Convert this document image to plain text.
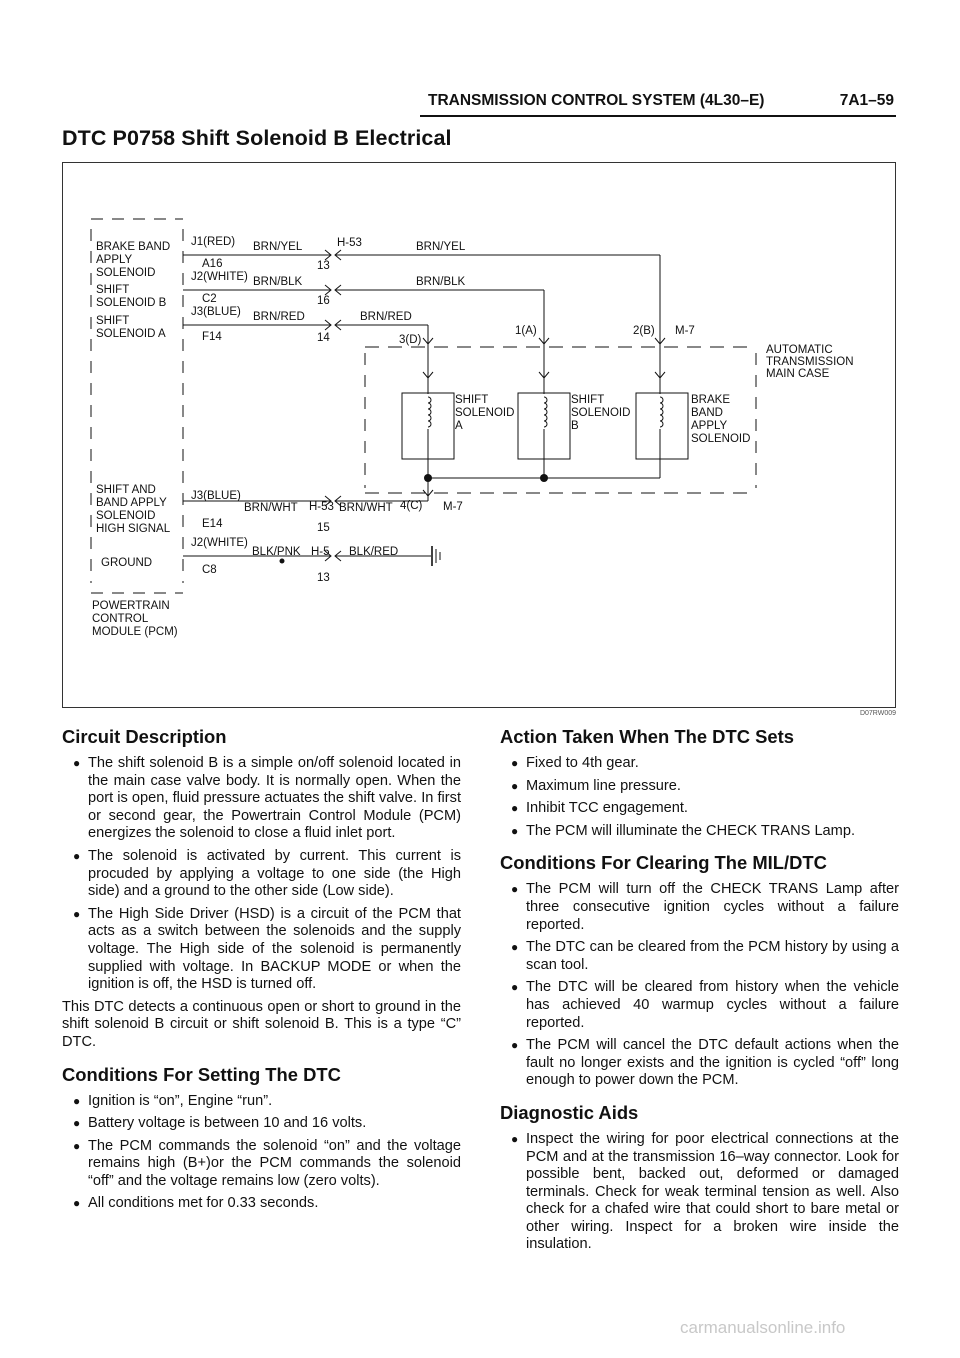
TRANSMISSION CONTROL SYSTEM (4L30–E)	7A1–59
DTC P0758 Shift Solenoid B Electrical
BRAKE BAND APPLY SOLENOID
SHIFT SOLENOID B
SHIFT SOLENOID A
SHIFT AND BAND APPLY SOLENOID HIGH SIGNAL
GROUND
POWERTRAIN CONTROL MODULE (PCM)
J1(RED)
A16
J2(WHITE)
C2
J3(BLUE)
F14
J3(BLUE)
E14
J2(WHITE)
C8
BRN/YEL	BRN/YEL
BRN/BLK	BRN/BLK
BRN/RED	BRN/RED
BRN/WHT	BRN/WHT
BLK/PNK	BLK/RED
H-53
13
16
14
H-53
15
H-5
13
1(A)	2(B) M-7
3(D)
4(C) M-7
AUTOMATIC TRANSMISSION MAIN CASE
SHIFT SOLENOID A
SHIFT SOLENOID B
BRAKE BAND APPLY SOLENOID
D07RW009
Circuit Description
● The shift solenoid B is a simple on/off solenoid located in the main case valve body. It is normally open. When the port is open, fluid pressure actuates the shift valve. In first or second gear, the Powertrain Control Module (PCM) energizes the solenoid to close a fluid inlet port.
● The solenoid is activated by current. This current is procuded by applying a voltage to one side (the High side) and a ground to the other side (Low side).
● The High Side Driver (HSD) is a circuit of the PCM that acts as a switch between the solenoids and the supply voltage. The High side of the solenoid is permanently supplied with voltage. In BACKUP MODE or when the ignition is off, the HSD is turned off.

This DTC detects a continuous open or short to ground in the shift solenoid B circuit or shift solenoid B. This is a type “C” DTC.

Conditions For Setting The DTC
● Ignition is “on”, Engine “run”.
● Battery voltage is between 10 and 16 volts.
● The PCM commands the solenoid “on” and the voltage remains high (B+)or the PCM commands the solenoid “off” and the voltage remains low (zero volts).
● All conditions met for 0.33 seconds.
Action Taken When The DTC Sets
● Fixed to 4th gear.
● Maximum line pressure.
● Inhibit TCC engagement.
● The PCM will illuminate the CHECK TRANS Lamp.
Conditions For Clearing The MIL/DTC
● The PCM will turn off the CHECK TRANS Lamp after three consecutive ignition cycles without a failure reported.
● The DTC can be cleared from the PCM history by using a scan tool.
● The DTC will be cleared from history when the vehicle has achieved 40 warmup cycles without a failure reported.
● The PCM will cancel the DTC default actions when the fault no longer exists and the ignition is cycled “off” long enough to power down the PCM.
Diagnostic Aids
● Inspect the wiring for poor electrical connections at the PCM and at the transmission 16–way connector. Look for possible bent, backed out, deformed or damaged terminals. Check for weak terminal tension as well. Also check for a chafed wire that could short to bare metal or other wiring. Inspect for a broken wire inside the insulation.
carmanualsonline.info
